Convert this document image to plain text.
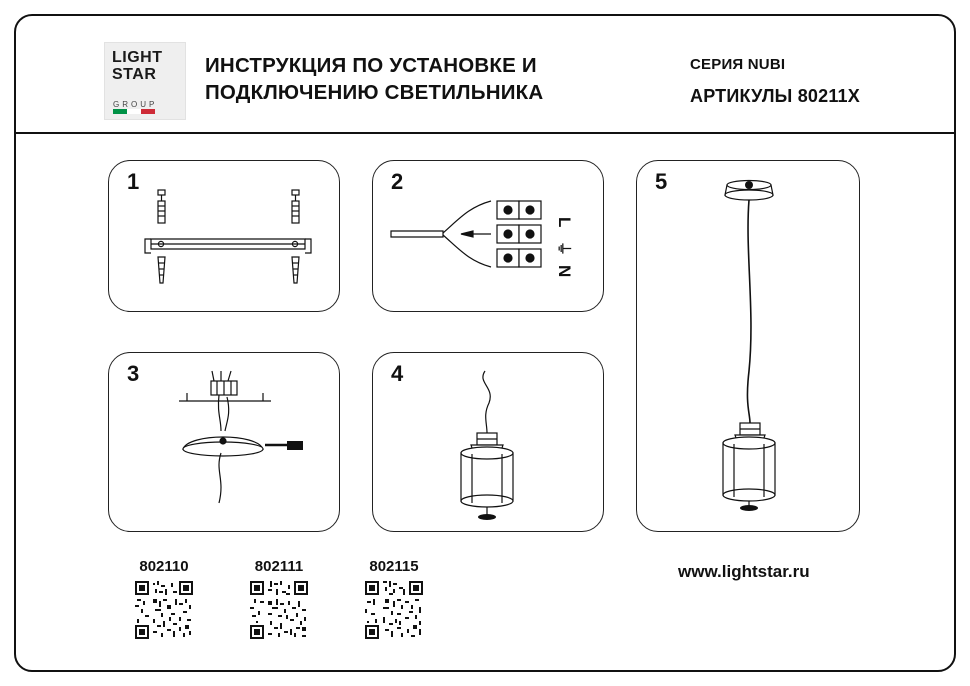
LIGHT
STAR
GROUP
ИНСТРУКЦИЯ ПО УСТАНОВКЕ И
ПОДКЛЮЧЕНИЮ СВЕТИЛЬНИКА
СЕРИЯ NUBI
АРТИКУЛЫ 80211X
1	2
L
⏚
N
3	4
5
802110	802111	802115	www.lightstar.ru
